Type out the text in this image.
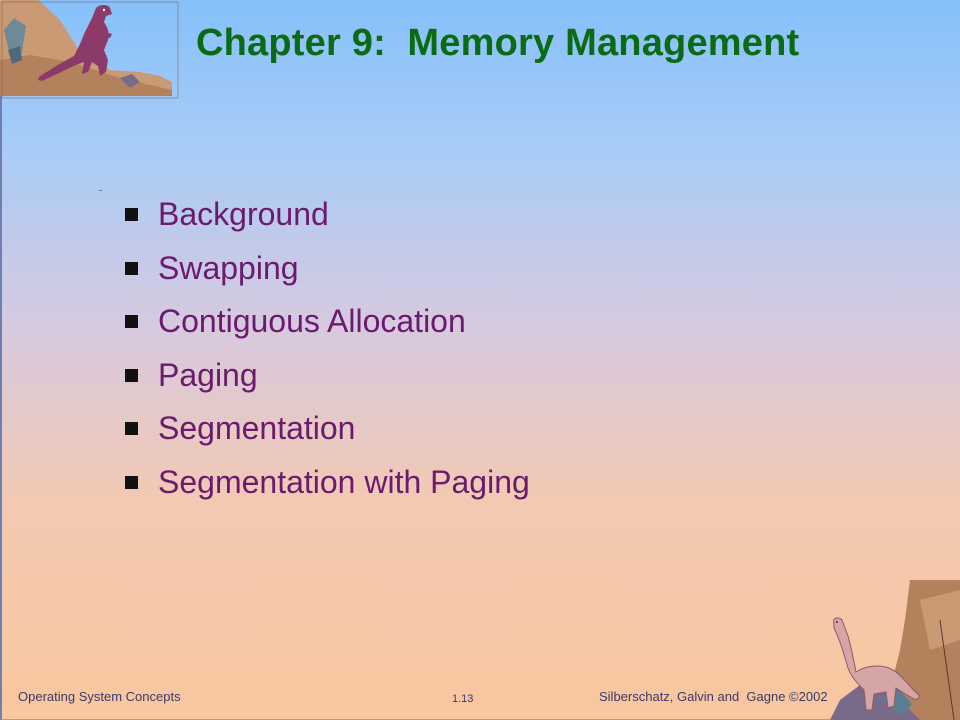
Chapter 9:  Memory Management
Background
Swapping
Contiguous Allocation
Paging
Segmentation
Segmentation with Paging
Operating System Concepts	1.13	Silberschatz, Galvin and  Gagne ©2002
